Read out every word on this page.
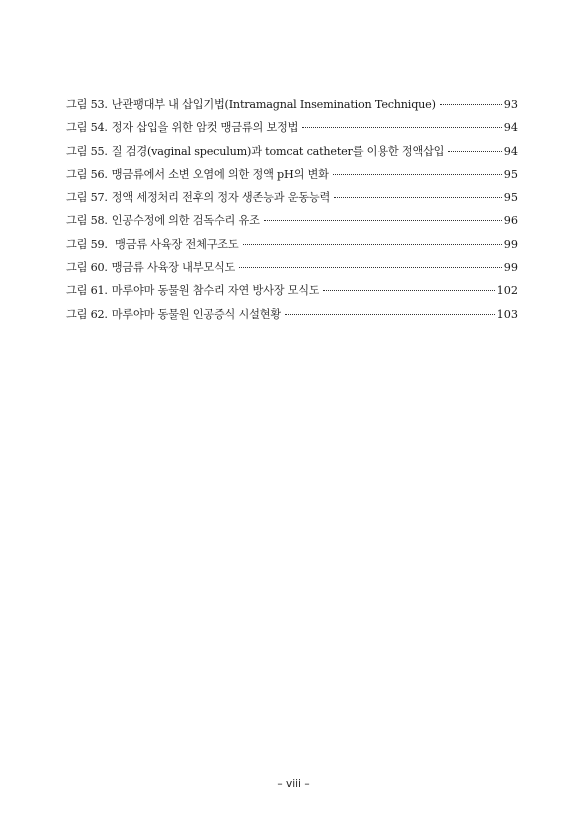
그림 53. 난관팽대부 내 삽입기법(Intramagnal Insemination Technique)	93
그림 54. 정자 삽입을 위한 암컷 맹금류의 보정법	94
그림 55. 질 검경(vaginal speculum)과 tomcat catheter를 이용한 정액삽입	94
그림 56. 맹금류에서 소변 오염에 의한 정액 pH의 변화	95
그림 57. 정액 세정처리 전후의 정자 생존능과 운동능력	95
그림 58. 인공수정에 의한 검독수리 유조	96
그림 59. 맹금류 사육장 전체구조도	99
그림 60. 맹금류 사육장 내부모식도	99
그림 61. 마루야마 동물원 참수리 자연 방사장 모식도	102
그림 62. 마루야마 동물원 인공증식 시설현황	103
– viii –
